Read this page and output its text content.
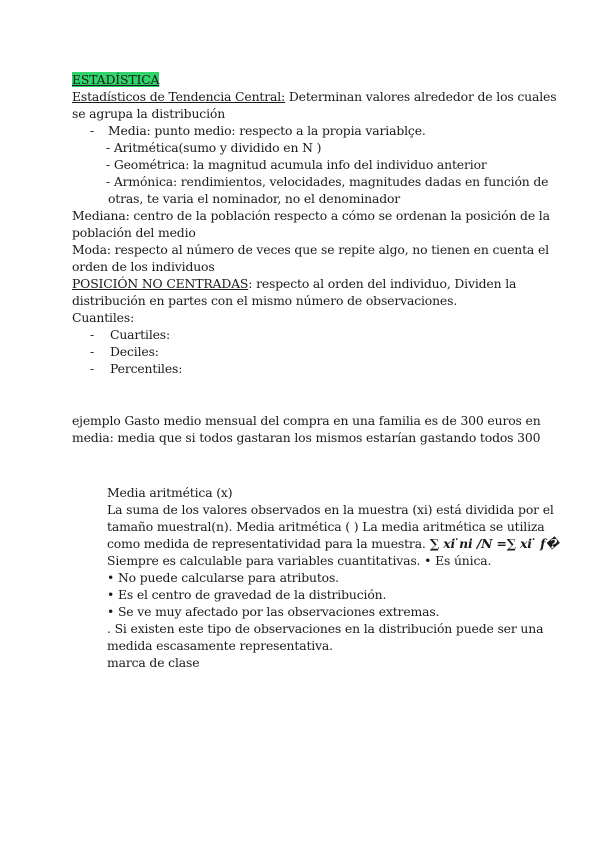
ESTADÍSTICA
Estadísticos de Tendencia Central: Determinan valores alrededor de los cuales
se agrupa la distribución
- Media: punto medio: respecto a la propia variablçe.
- Aritmética(sumo y dividido en N )
- Geométrica: la magnitud acumula info del individuo anterior
- Armónica: rendimientos, velocidades, magnitudes dadas en función de
otras, te varia el nominador, no el denominador
Mediana: centro de la población respecto a cómo se ordenan la posición de la
población del medio
Moda: respecto al número de veces que se repite algo, no tienen en cuenta el
orden de los individuos
POSICIÓN NO CENTRADAS: respecto al orden del individuo, Dividen la
distribución en partes con el mismo número de observaciones.
Cuantiles:
- Cuartiles:
- Deciles:
- Percentiles:
ejemplo Gasto medio mensual del compra en una familia es de 300 euros en
media: media que si todos gastaran los mismos estarían gastando todos 300
Media aritmética (x)
La suma de los valores observados en la muestra (xi) está dividida por el
tamaño muestral(n). Media aritmética ( ) La media aritmética se utiliza
como medida de representatividad para la muestra. ∑ xi ̇ni /N =∑ xi ̇ f�
Siempre es calculable para variables cuantitativas. • Es única.
• No puede calcularse para atributos.
• Es el centro de gravedad de la distribución.
• Se ve muy afectado por las observaciones extremas.
. Si existen este tipo de observaciones en la distribución puede ser una
medida escasamente representativa.
marca de clase
